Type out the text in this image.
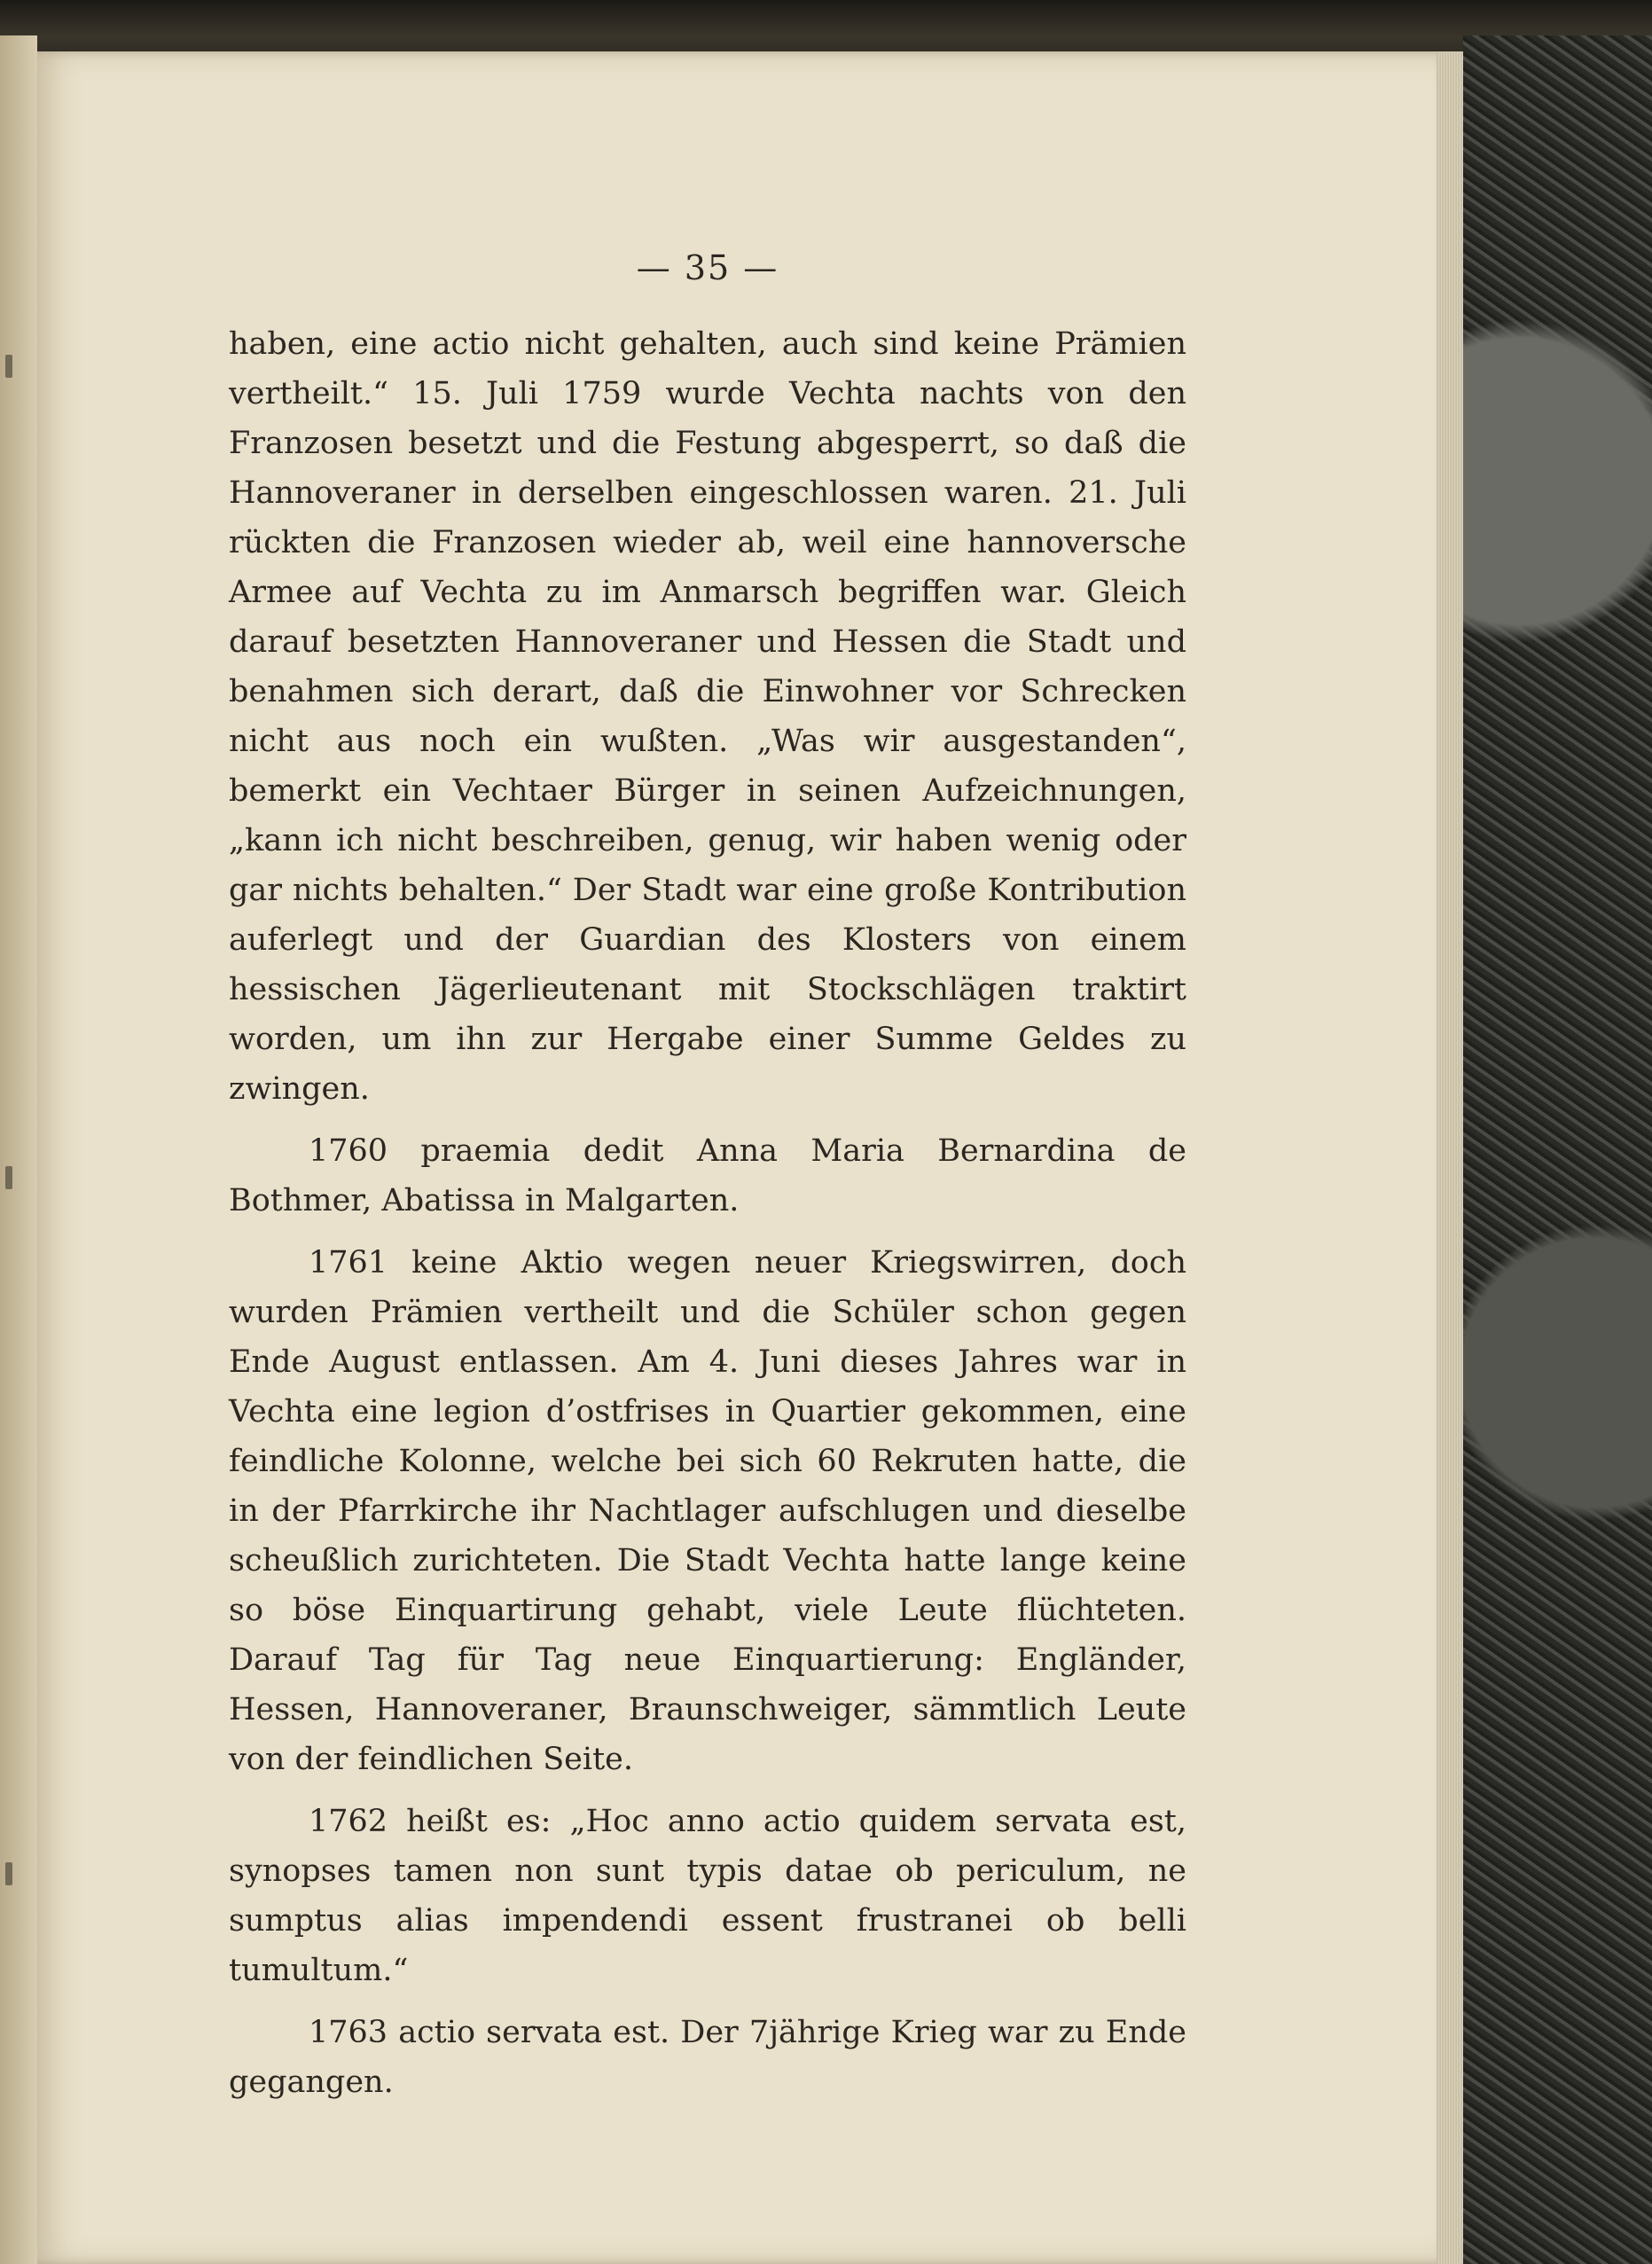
— 35 —

haben, eine actio nicht gehalten, auch sind keine Prämien vertheilt.“ 15. Juli 1759 wurde Vechta nachts von den Franzosen besetzt und die Festung abgesperrt, so daß die Hannoveraner in derselben eingeschlossen waren. 21. Juli rückten die Franzosen wieder ab, weil eine hannoversche Armee auf Vechta zu im Anmarsch begriffen war. Gleich darauf besetzten Hannoveraner und Hessen die Stadt und benahmen sich derart, daß die Einwohner vor Schrecken nicht aus noch ein wußten. „Was wir ausgestanden“, bemerkt ein Vechtaer Bürger in seinen Aufzeichnungen, „kann ich nicht beschreiben, genug, wir haben wenig oder gar nichts behalten.“ Der Stadt war eine große Kontribution auferlegt und der Guardian des Klosters von einem hessischen Jägerlieutenant mit Stockschlägen traktirt worden, um ihn zur Hergabe einer Summe Geldes zu zwingen.

1760 praemia dedit Anna Maria Bernardina de Bothmer, Abatissa in Malgarten.

1761 keine Aktio wegen neuer Kriegswirren, doch wurden Prämien vertheilt und die Schüler schon gegen Ende August entlassen. Am 4. Juni dieses Jahres war in Vechta eine legion d’ostfrises in Quartier gekommen, eine feindliche Kolonne, welche bei sich 60 Rekruten hatte, die in der Pfarrkirche ihr Nachtlager aufschlugen und dieselbe scheußlich zurichteten. Die Stadt Vechta hatte lange keine so böse Einquartirung gehabt, viele Leute flüchteten. Darauf Tag für Tag neue Einquartierung: Engländer, Hessen, Hannoveraner, Braunschweiger, sämmtlich Leute von der feindlichen Seite.

1762 heißt es: „Hoc anno actio quidem servata est, synopses tamen non sunt typis datae ob periculum, ne sumptus alias impendendi essent frustranei ob belli tumultum.“

1763 actio servata est. Der 7jährige Krieg war zu Ende gegangen.
